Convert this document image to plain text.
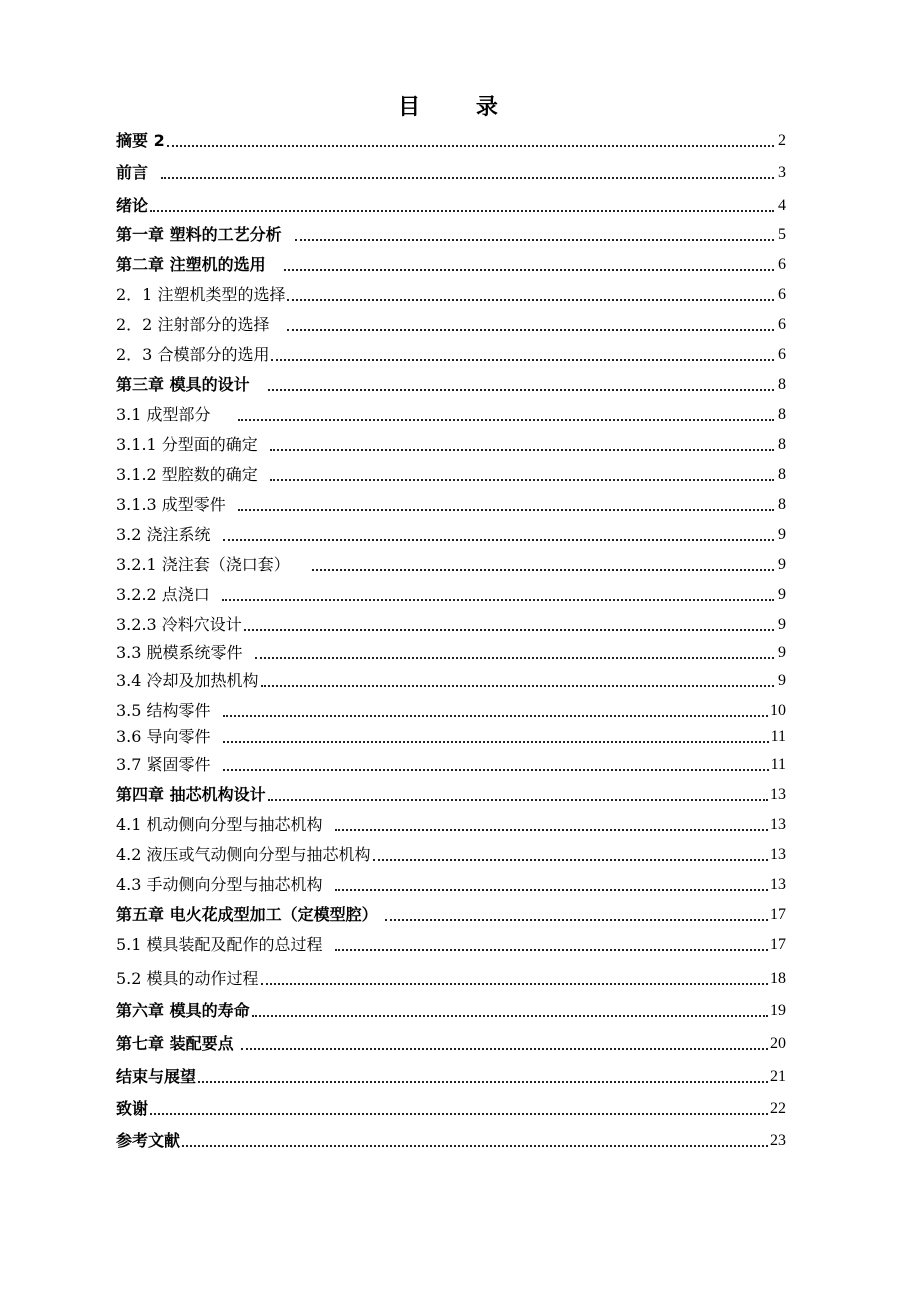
目 录
摘要 2	2
前言	3
绪论	4
第一章 塑料的工艺分析	5
第二章 注塑机的选用	6
2．1 注塑机类型的选择	6
2．2 注射部分的选择	6
2．3 合模部分的选用	6
第三章 模具的设计	8
3.1 成型部分	8
3.1.1 分型面的确定	8
3.1.2 型腔数的确定	8
3.1.3 成型零件	8
3.2 浇注系统	9
3.2.1 浇注套（浇口套）	9
3.2.2 点浇口	9
3.2.3 冷料穴设计	9
3.3 脱模系统零件	9
3.4 冷却及加热机构	9
3.5 结构零件	10
3.6 导向零件	11
3.7 紧固零件	11
第四章 抽芯机构设计	13
4.1 机动侧向分型与抽芯机构	13
4.2 液压或气动侧向分型与抽芯机构	13
4.3 手动侧向分型与抽芯机构	13
第五章 电火花成型加工（定模型腔）	17
5.1 模具装配及配作的总过程	17
5.2 模具的动作过程	18
第六章 模具的寿命	19
第七章 装配要点	20
结束与展望	21
致谢	22
参考文献	23
